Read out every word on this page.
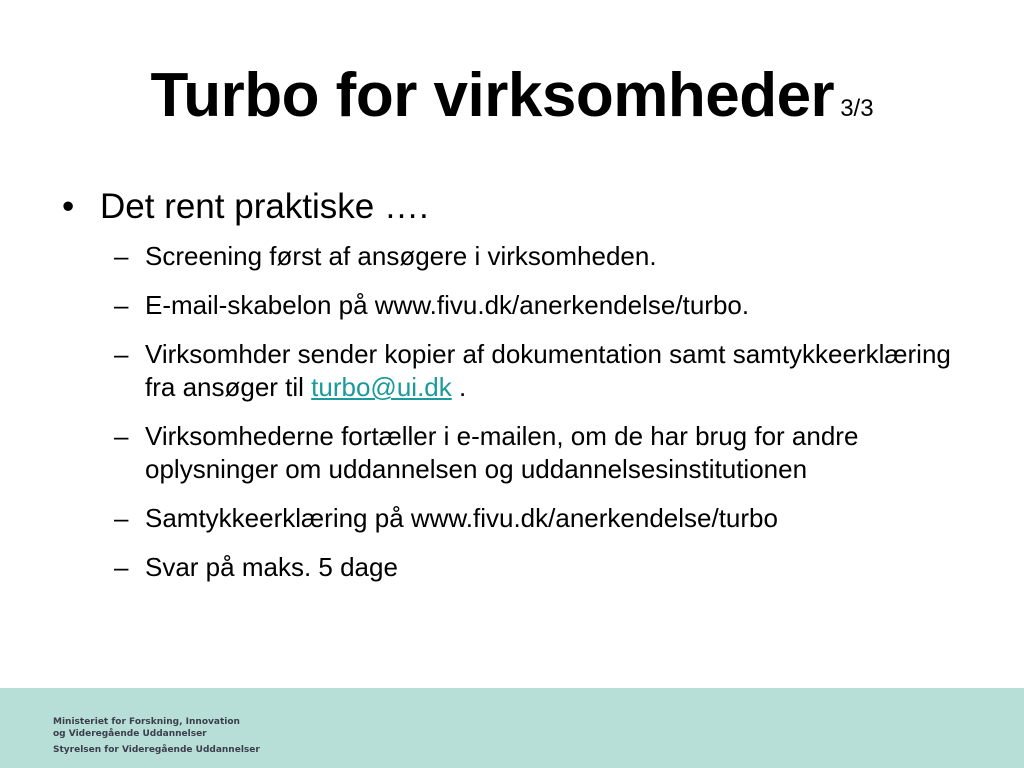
Turbo for virksomheder 3/3
• Det rent praktiske ….
– Screening først af ansøgere i virksomheden.
– E-mail-skabelon på www.fivu.dk/anerkendelse/turbo.
– Virksomhder sender kopier af dokumentation samt samtykkeerklæring fra ansøger til turbo@ui.dk .
– Virksomhederne fortæller i e-mailen, om de har brug for andre oplysninger om uddannelsen og uddannelsesinstitutionen
– Samtykkeerklæring på www.fivu.dk/anerkendelse/turbo
– Svar på maks. 5 dage
Ministeriet for Forskning, Innovation
og Videregående Uddannelser
Styrelsen for Videregående Uddannelser
